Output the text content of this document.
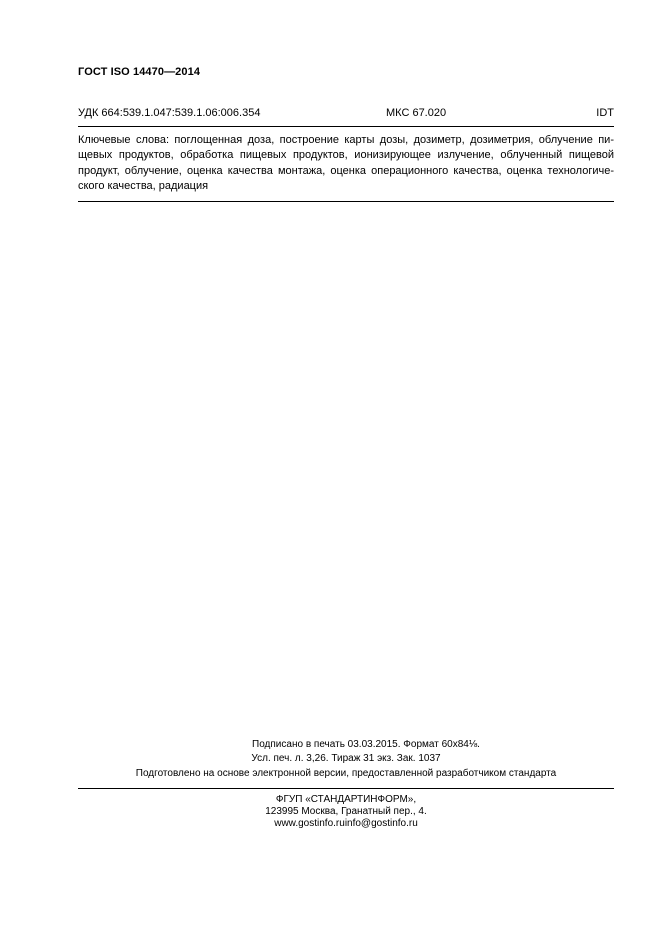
ГОСТ ISO 14470—2014
УДК 664:539.1.047:539.1.06:006.354	МКС 67.020	IDT
Ключевые слова: поглощенная доза, построение карты дозы, дозиметр, дозиметрия, облучение пи-
щевых продуктов, обработка пищевых продуктов, ионизирующее излучение, облученный пищевой
продукт, облучение, оценка качества монтажа, оценка операционного качества, оценка технологиче-
ского качества, радиация
Подписано в печать 03.03.2015. Формат 60x84⅛.
Усл. печ. л. 3,26. Тираж 31 экз. Зак. 1037
Подготовлено на основе электронной версии, предоставленной разработчиком стандарта
ФГУП «СТАНДАРТИНФОРМ»,
123995 Москва, Гранатный пер., 4.
www.gostinfo.ruinfo@gostinfo.ru
